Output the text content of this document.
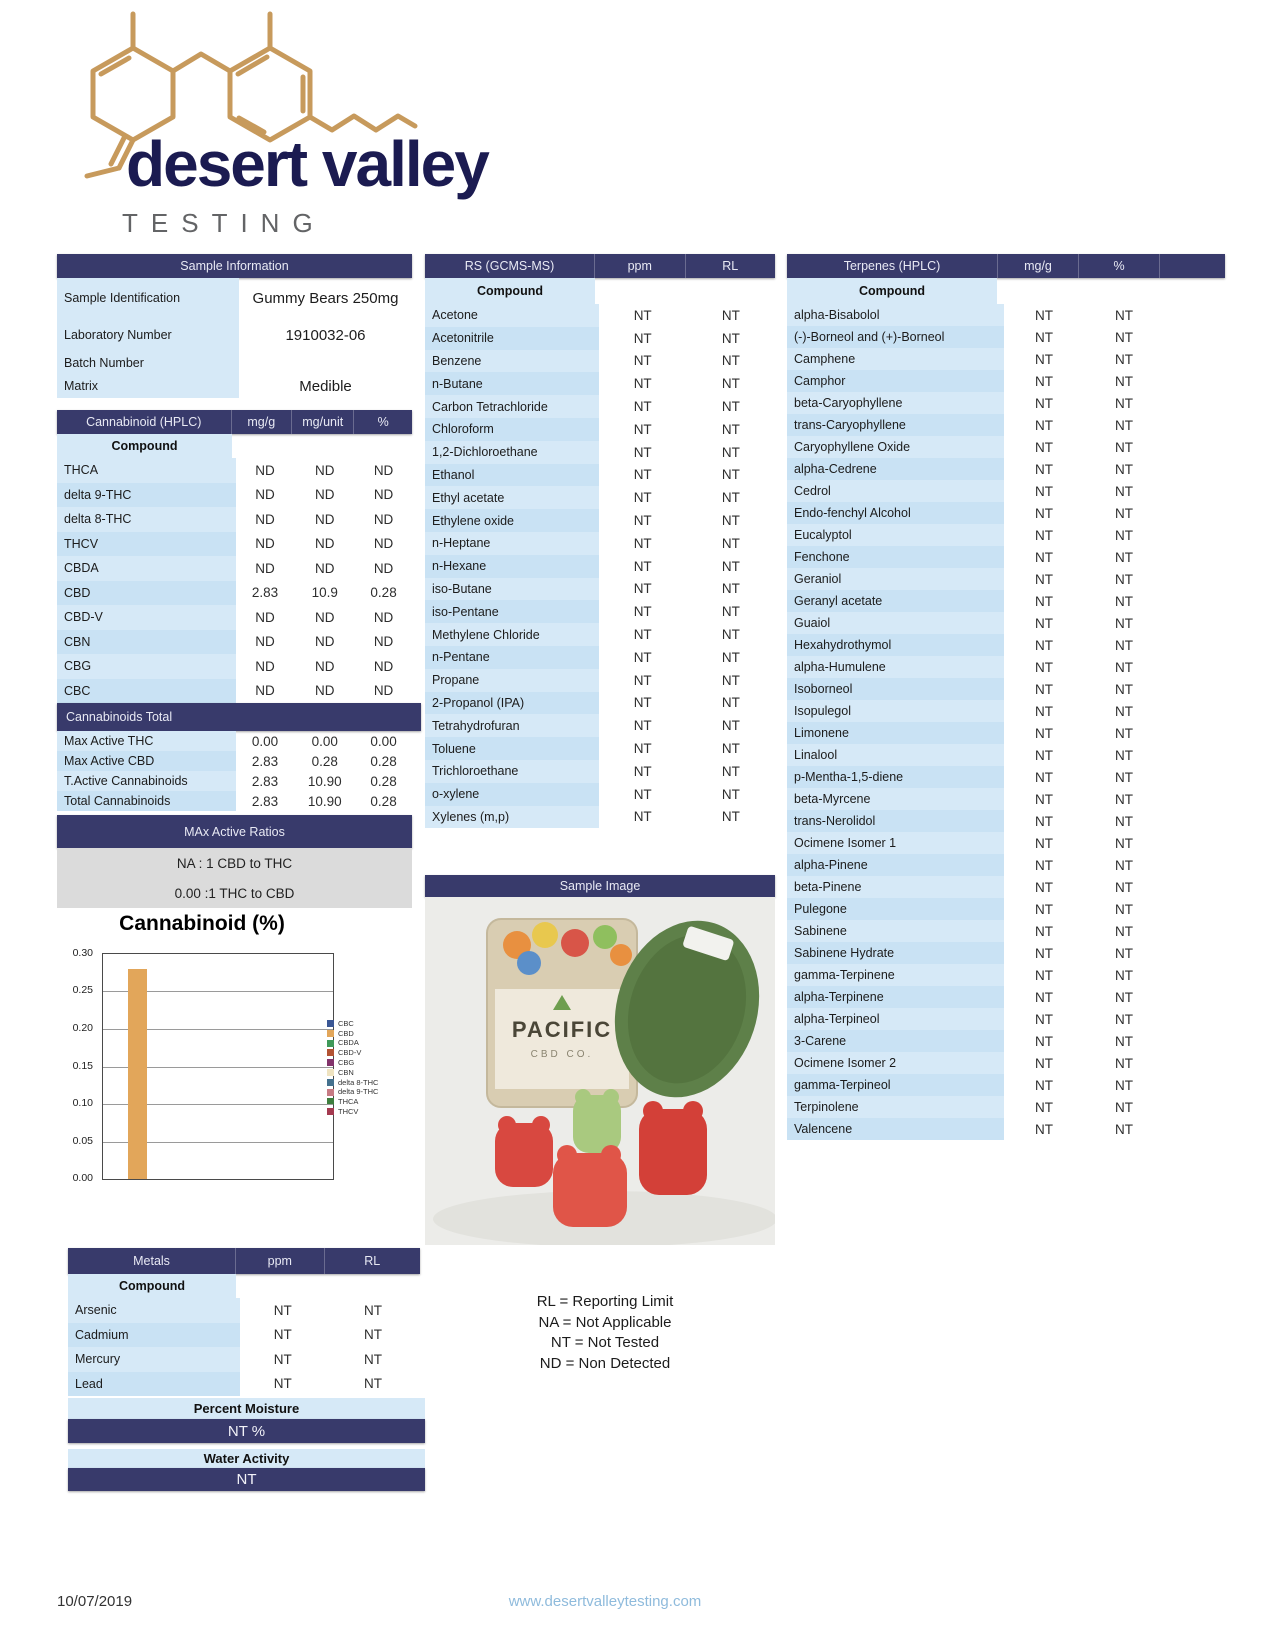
desert valley
TESTING
Sample Information
Sample Identification	Gummy Bears 250mg
Laboratory Number	1910032-06
Batch Number
Matrix	Medible
Cannabinoid (HPLC)	mg/g	mg/unit	%
Compound
THCA	ND	ND	ND
delta 9-THC	ND	ND	ND
delta 8-THC	ND	ND	ND
THCV	ND	ND	ND
CBDA	ND	ND	ND
CBD	2.83	10.9	0.28
CBD-V	ND	ND	ND
CBN	ND	ND	ND
CBG	ND	ND	ND
CBC	ND	ND	ND
Cannabinoids Total
Max Active THC	0.00	0.00	0.00
Max Active CBD	2.83	0.28	0.28
T.Active Cannabinoids	2.83	10.90	0.28
Total Cannabinoids	2.83	10.90	0.28
MAx Active Ratios
NA : 1 CBD to THC
0.00 :1 THC to CBD
Cannabinoid (%)
0.30
0.25
0.20
0.15
0.10
0.05
0.00
CBC
CBD
CBDA
CBD-V
CBG
CBN
delta 8-THC
delta 9-THC
THCA
THCV
RS (GCMS-MS)	ppm	RL
Compound
Acetone	NT	NT
Acetonitrile	NT	NT
Benzene	NT	NT
n-Butane	NT	NT
Carbon Tetrachloride	NT	NT
Chloroform	NT	NT
1,2-Dichloroethane	NT	NT
Ethanol	NT	NT
Ethyl acetate	NT	NT
Ethylene oxide	NT	NT
n-Heptane	NT	NT
n-Hexane	NT	NT
iso-Butane	NT	NT
iso-Pentane	NT	NT
Methylene Chloride	NT	NT
n-Pentane	NT	NT
Propane	NT	NT
2-Propanol (IPA)	NT	NT
Tetrahydrofuran	NT	NT
Toluene	NT	NT
Trichloroethane	NT	NT
o-xylene	NT	NT
Xylenes (m,p)	NT	NT
Sample Image
PACIFIC
CBD CO.
RL = Reporting Limit
NA = Not Applicable
NT = Not Tested
ND = Non Detected
Terpenes (HPLC)	mg/g	%
Compound
alpha-Bisabolol	NT	NT
(-)-Borneol and (+)-Borneol	NT	NT
Camphene	NT	NT
Camphor	NT	NT
beta-Caryophyllene	NT	NT
trans-Caryophyllene	NT	NT
Caryophyllene Oxide	NT	NT
alpha-Cedrene	NT	NT
Cedrol	NT	NT
Endo-fenchyl Alcohol	NT	NT
Eucalyptol	NT	NT
Fenchone	NT	NT
Geraniol	NT	NT
Geranyl acetate	NT	NT
Guaiol	NT	NT
Hexahydrothymol	NT	NT
alpha-Humulene	NT	NT
Isoborneol	NT	NT
Isopulegol	NT	NT
Limonene	NT	NT
Linalool	NT	NT
p-Mentha-1,5-diene	NT	NT
beta-Myrcene	NT	NT
trans-Nerolidol	NT	NT
Ocimene Isomer 1	NT	NT
alpha-Pinene	NT	NT
beta-Pinene	NT	NT
Pulegone	NT	NT
Sabinene	NT	NT
Sabinene Hydrate	NT	NT
gamma-Terpinene	NT	NT
alpha-Terpinene	NT	NT
alpha-Terpineol	NT	NT
3-Carene	NT	NT
Ocimene Isomer 2	NT	NT
gamma-Terpineol	NT	NT
Terpinolene	NT	NT
Valencene	NT	NT
Metals	ppm	RL
Compound
Arsenic	NT	NT
Cadmium	NT	NT
Mercury	NT	NT
Lead	NT	NT
Percent Moisture
NT %
Water Activity
NT
10/07/2019	www.desertvalleytesting.com
